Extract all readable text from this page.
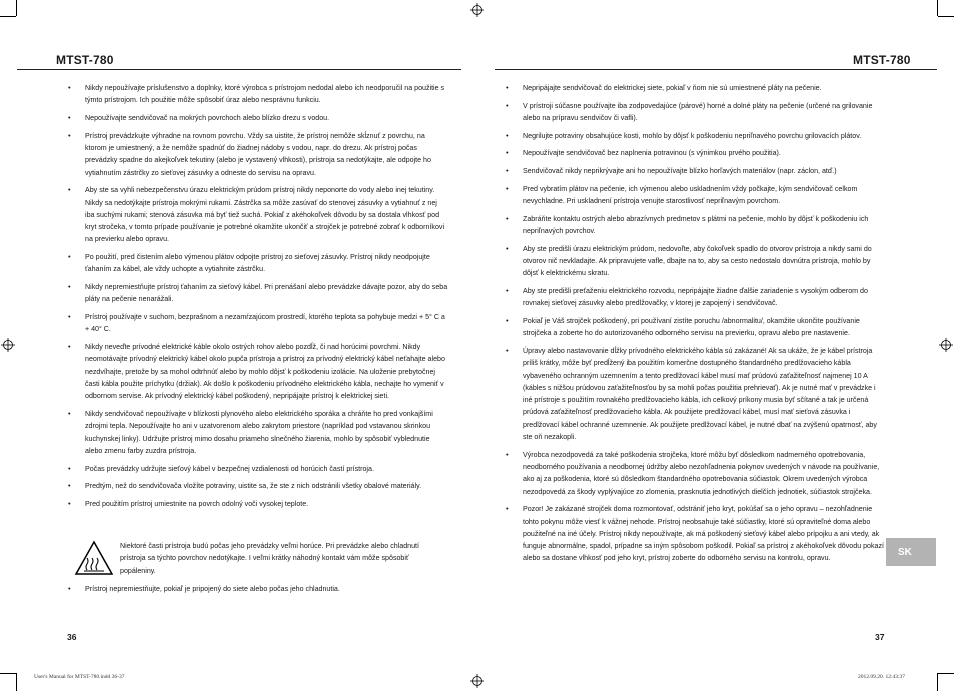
MTST-780
• Nikdy nepoužívajte príslušenstvo a doplnky, ktoré výrobca s prístrojom nedodal alebo ich neodporučil na použitie s týmto prístrojom. Ich použitie môže spôsobiť úraz alebo nesprávnu funkciu.
• Nepoužívajte sendvičovač na mokrých povrchoch alebo blízko drezu s vodou.
• Prístroj prevádzkujte výhradne na rovnom povrchu. Vždy sa uistite, že prístroj nemôže skĺznuť z povrchu, na ktorom je umiestnený, a že nemôže spadnúť do žiadnej nádoby s vodou, napr. do drezu. Ak prístroj počas prevádzky spadne do akejkoľvek tekutiny (alebo je vystavený vlhkosti), prístroja sa nedotýkajte, ale odpojte ho vytiahnutím zástrčky zo sieťovej zásuvky a odneste do servisu na opravu.
• Aby ste sa vyhli nebezpečenstvu úrazu elektrickým prúdom prístroj nikdy neponorte do vody alebo inej tekutiny. Nikdy sa nedotýkajte prístroja mokrými rukami. Zástrčka sa môže zasúvať do stenovej zásuvky a vytiahnuť z nej iba suchými rukami; stenová zásuvka má byť tiež suchá. Pokiaľ z akéhokoľvek dôvodu by sa dostala vlhkosť pod kryt stročeka, v tomto prípade používanie je potrebné okamžite ukončiť a strojček je potrebné zobrať k odborníkovi na previerku alebo opravu.
• Po použití, pred čistením alebo výmenou plátov odpojte prístroj zo sieťovej zásuvky. Prístroj nikdy neodpojujte ťahaním za kábel, ale vždy uchopte a vytiahnite zástrčku.
• Nikdy nepremiestňujte prístroj ťahaním za sieťový kábel. Pri prenášaní alebo prevádzke dávajte pozor, aby do seba pláty na pečenie nenarážali.
• Prístroj používajte v suchom, bezprašnom a nezamŕzajúcom prostredí, ktorého teplota sa pohybuje medzi + 5° C a + 40° C.
• Nikdy neveďte prívodné elektrické káble okolo ostrých rohov alebo pozdĺž, či nad horúcimi povrchmi. Nikdy neomotávajte prívodný elektrický kábel okolo pupča prístroja a prístroj za prívodný elektrický kábel neťahajte alebo nezdvíhajte, pretože by sa mohol odtrhnúť alebo by mohlo dôjsť k poškodeniu izolácie. Na uloženie prebytočnej časti kábla použite príchytku (držiak). Ak došlo k poškodeniu prívodného elektrického kábla, nechajte ho vymeniť v odbornom servise. Ak prívodný elektrický kábel poškodený, nepripájajte prístroj k elektrickej sieti.
• Nikdy sendvičovač nepoužívajte v blízkosti plynového alebo elektrického sporáka a chráňte ho pred vonkajšími zdrojmi tepla. Nepoužívajte ho ani v uzatvorenom alebo zakrytom priestore (napríklad pod vstavanou skrinkou kuchynskej linky). Udržujte prístroj mimo dosahu priameho slnečného žiarenia, mohlo by spôsobiť vyblednutie alebo zmenu farby zuzdra prístroja.
• Počas prevádzky udržujte sieťový kábel v bezpečnej vzdialenosti od horúcich častí prístroja.
• Predtým, než do sendvičovača vložíte potraviny, uistite sa, že ste z nich odstránili všetky obalové materiály.
• Pred použitím prístroj umiestnite na povrch odolný voči vysokej teplote.
Niektoré časti prístroja budú počas jeho prevádzky veľmi horúce. Pri prevádzke alebo chladnutí prístroja sa týchto povrchov nedotýkajte. I veľmi krátky náhodný kontakt vám môže spôsobiť popáleniny.
• Prístroj nepremiestňujte, pokiaľ je pripojený do siete alebo počas jeho chladnutia.
36
MTST-780
• Nepripájajte sendvičovač do elektrickej siete, pokiaľ v ňom nie sú umiestnené pláty na pečenie.
• V prístroji súčasne používajte iba zodpovedajúce (párové) horné a dolné pláty na pečenie (určené na grilovanie alebo na prípravu sendvičov či vafli).
• Negrilujte potraviny obsahujúce kosti, mohlo by dôjsť k poškodeniu nepriľnavého povrchu grilovacích plátov.
• Nepoužívajte sendvičovač bez naplnenia potravinou (s výnimkou prvého použitia).
• Sendvičovač nikdy neprikrývajte ani ho nepoužívajte blízko horľavých materiálov (napr. záclon, atď.)
• Pred vybratím plátov na pečenie, ich výmenou alebo uskladnením vždy počkajte, kým sendvičovač celkom nevychladne. Pri uskladnení prístroja venujte starostlivosť nepriľnavým povrchom.
• Zabráňte kontaktu ostrých alebo abrazívnych predmetov s plátmi na pečenie, mohlo by dôjsť k poškodeniu ich nepriľnavých povrchov.
• Aby ste predišli úrazu elektrickým prúdom, nedovoľte, aby čokoľvek spadlo do otvorov prístroja a nikdy sami do otvorov nič nevkladajte. Ak pripravujete vafle, dbajte na to, aby sa cesto nedostalo dovnútra prístroja, mohlo by dôjsť k elektrickému skratu.
• Aby ste predišli preťaženiu elektrického rozvodu, nepripájajte žiadne ďalšie zariadenie s vysokým odberom do rovnakej sieťovej zásuvky alebo predlžovačky, v ktorej je zapojený i sendvičovač.
• Pokiaľ je Váš strojček poškodený, pri používaní zistíte poruchu /abnormalitu/, okamžite ukončite používanie strojčeka a zoberte ho do autorizovaného odborného servisu na previerku, opravu alebo pre nastavenie.
• Úpravy alebo nastavovanie dĺžky prívodného elektrického kábla sú zakázané! Ak sa ukáže, že je kábel prístroja príliš krátky, môže byť predĺžený iba použitím komerčne dostupného štandardného predlžovacieho kábla vybaveného ochranným uzemnením a tento predlžovací kábel musí mať prúdovú zaťažiteľnosť najmenej 10 A (kábles s nižšou prúdovou zaťažiteľnosťou by sa mohli počas použitia prehrievať). Ak je nutné mať v prevádzke i iné prístroje s použitím rovnakého predlžovacieho kábla, ich celkový príkony musia byť sčítané a tak je určená prúdová zaťažiteľnosť predlžovacieho kábla. Ak použijete predlžovací kábel, musí mať sieťová zásuvka i predlžovací kábel ochranné uzemnenie. Ak použijete predlžovací kábel, je nutné dbať na zvýšenú opatrnosť, aby ste oň nezakopli.
• Výrobca nezodpovedá za také poškodenia strojčeka, ktoré môžu byť dôsledkom nadmerného opotrebovania, neodborného používania a neodbornej údržby alebo nezohľadnenia pokynov uvedených v návode na používanie, ako aj za poškodenia, ktoré sú dôsledkom štandardného opotrebovania súčiastok. Okrem uvedených výrobca nezodpovedá za škody vyplývajúce zo zlomenia, prasknutia jednotlivých dielčích jednotiek, súčiastok strojčeka.
• Pozor! Je zakázané strojček doma rozmontovať, odstrániť jeho kryt, pokúšať sa o jeho opravu – nezohľadnenie tohto pokynu môže viesť k vážnej nehode. Prístroj neobsahuje také súčiastky, ktoré sú opraviteľné doma alebo použiteľné na iné účely. Prístroj nikdy nepoužívajte, ak má poškodený sieťový kábel alebo prípojku a ani vtedy, ak funguje abnormálne, spadol, prípadne sa iným spôsobom poškodil. Pokiaľ sa prístroj z akéhokoľvek dôvodu pokazí alebo sa dostane vlhkosť pod jeho kryt, prístroj zoberte do odborného servisu na kontrolu, opravu.
37
SK
User's Manual for MTST-780.indd 36-37	2012.09.20. 12:43:37
